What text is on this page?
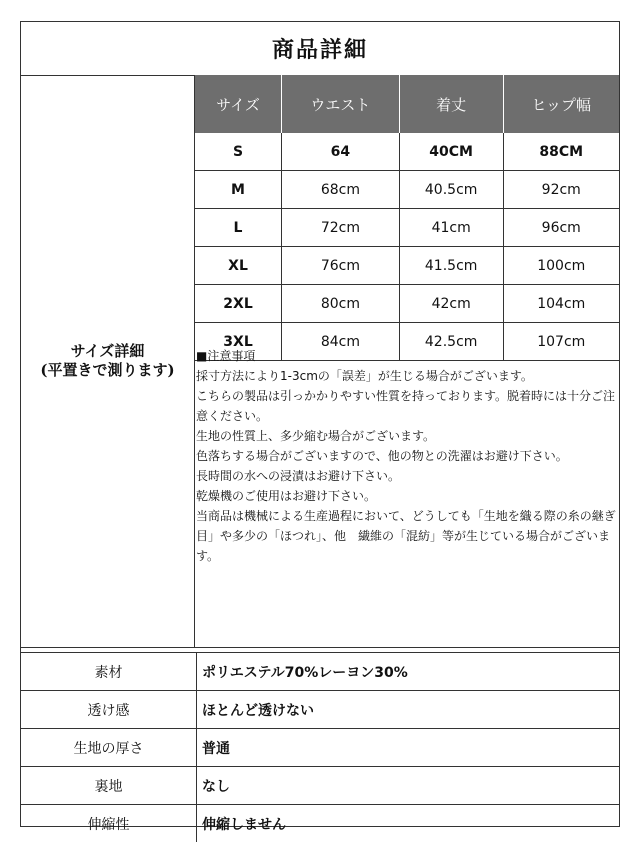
商品詳細
サイズ詳細
(平置きで測ります)
サイズ	ウエスト	着丈	ヒップ幅
S	64	40CM	88CM
M	68cm	40.5cm	92cm
L	72cm	41cm	96cm
XL	76cm	41.5cm	100cm
2XL	80cm	42cm	104cm
3XL	84cm	42.5cm	107cm
■注意事項
採寸方法により1-3cmの「誤差」が生じる場合がございます。
こちらの製品は引っかかりやすい性質を持っております。脱着時には十分ご注意ください。
生地の性質上、多少縮む場合がございます。
色落ちする場合がございますので、他の物との洗濯はお避け下さい。
長時間の水への浸漬はお避け下さい。
乾燥機のご使用はお避け下さい。
当商品は機械による生産過程において、どうしても「生地を織る際の糸の継ぎ目」や多少の「ほつれ」、他　繊維の「混紡」等が生じている場合がございます。
素材	ポリエステル70%レーヨン30%
透け感	ほとんど透けない
生地の厚さ	普通
裏地	なし
伸縮性	伸縮しません
